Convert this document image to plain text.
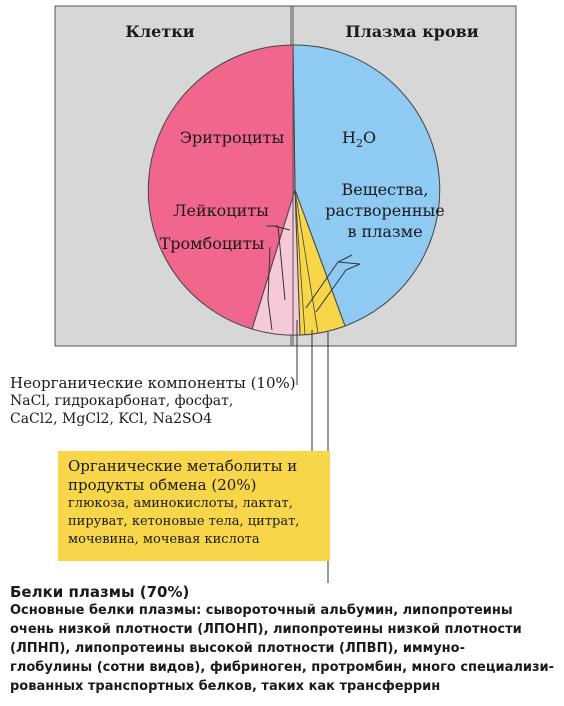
Клетки	Плазма крови
Эритроциты
Лейкоциты
Тромбоциты
$H_2O$
Вещества,
растворенные
в плазме
Неорганические компоненты (10%)
NaCl, гидрокарбонат, фосфат,
CaCl2, MgCl2, KCl, Na2SO4
Органические метаболиты и
продукты обмена (20%)
глюкоза, аминокислоты, лактат,
пируват, кетоновые тела, цитрат,
мочевина, мочевая кислота
Белки плазмы (70%)
Основные белки плазмы: сывороточный альбумин, липопротеины
очень низкой плотности (ЛПОНП), липопротеины низкой плотности
(ЛПНП), липопротеины высокой плотности (ЛПВП), иммуно-
глобулины (сотни видов), фибриноген, протромбин, много специализи-
рованных транспортных белков, таких как трансферрин
